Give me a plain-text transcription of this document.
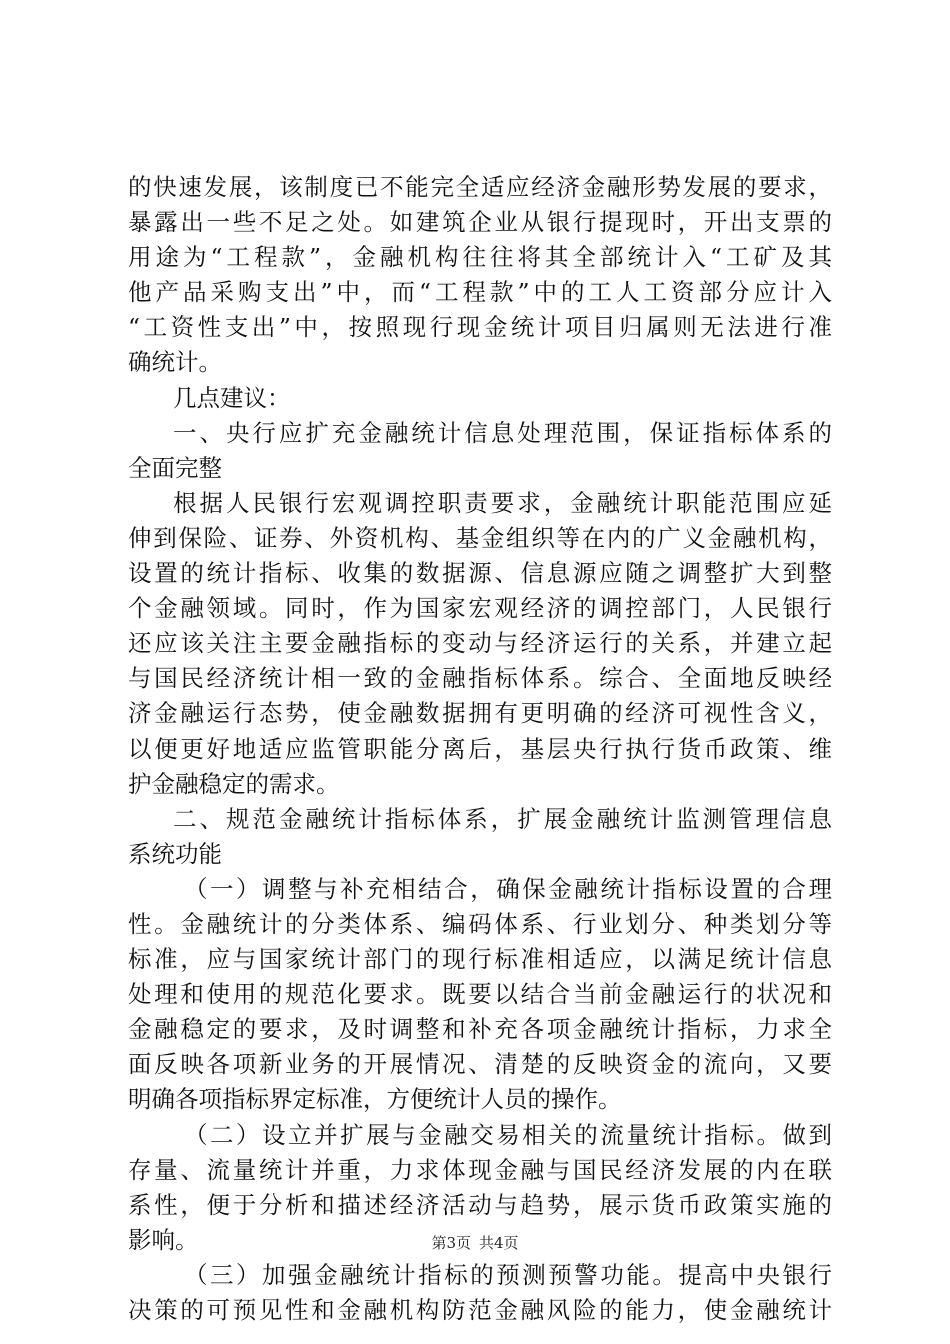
的快速发展，该制度已不能完全适应经济金融形势发展的要求，
暴露出一些不足之处。如建筑企业从银行提现时，开出支票的
用途为“工程款”，金融机构往往将其全部统计入“工矿及其
他产品采购支出”中，而“工程款”中的工人工资部分应计入
“工资性支出”中，按照现行现金统计项目归属则无法进行准
确统计。
几点建议：
一、央行应扩充金融统计信息处理范围，保证指标体系的
全面完整
根据人民银行宏观调控职责要求，金融统计职能范围应延
伸到保险、证券、外资机构、基金组织等在内的广义金融机构，
设置的统计指标、收集的数据源、信息源应随之调整扩大到整
个金融领域。同时，作为国家宏观经济的调控部门，人民银行
还应该关注主要金融指标的变动与经济运行的关系，并建立起
与国民经济统计相一致的金融指标体系。综合、全面地反映经
济金融运行态势，使金融数据拥有更明确的经济可视性含义，
以便更好地适应监管职能分离后，基层央行执行货币政策、维
护金融稳定的需求。
二、规范金融统计指标体系，扩展金融统计监测管理信息
系统功能
（一）调整与补充相结合，确保金融统计指标设置的合理
性。金融统计的分类体系、编码体系、行业划分、种类划分等
标准，应与国家统计部门的现行标准相适应，以满足统计信息
处理和使用的规范化要求。既要以结合当前金融运行的状况和
金融稳定的要求，及时调整和补充各项金融统计指标，力求全
面反映各项新业务的开展情况、清楚的反映资金的流向，又要
明确各项指标界定标准，方便统计人员的操作。
（二）设立并扩展与金融交易相关的流量统计指标。做到
存量、流量统计并重，力求体现金融与国民经济发展的内在联
系性，便于分析和描述经济活动与趋势，展示货币政策实施的
影响。
（三）加强金融统计指标的预测预警功能。提高中央银行
决策的可预见性和金融机构防范金融风险的能力，使金融统计
第3页 共4页
